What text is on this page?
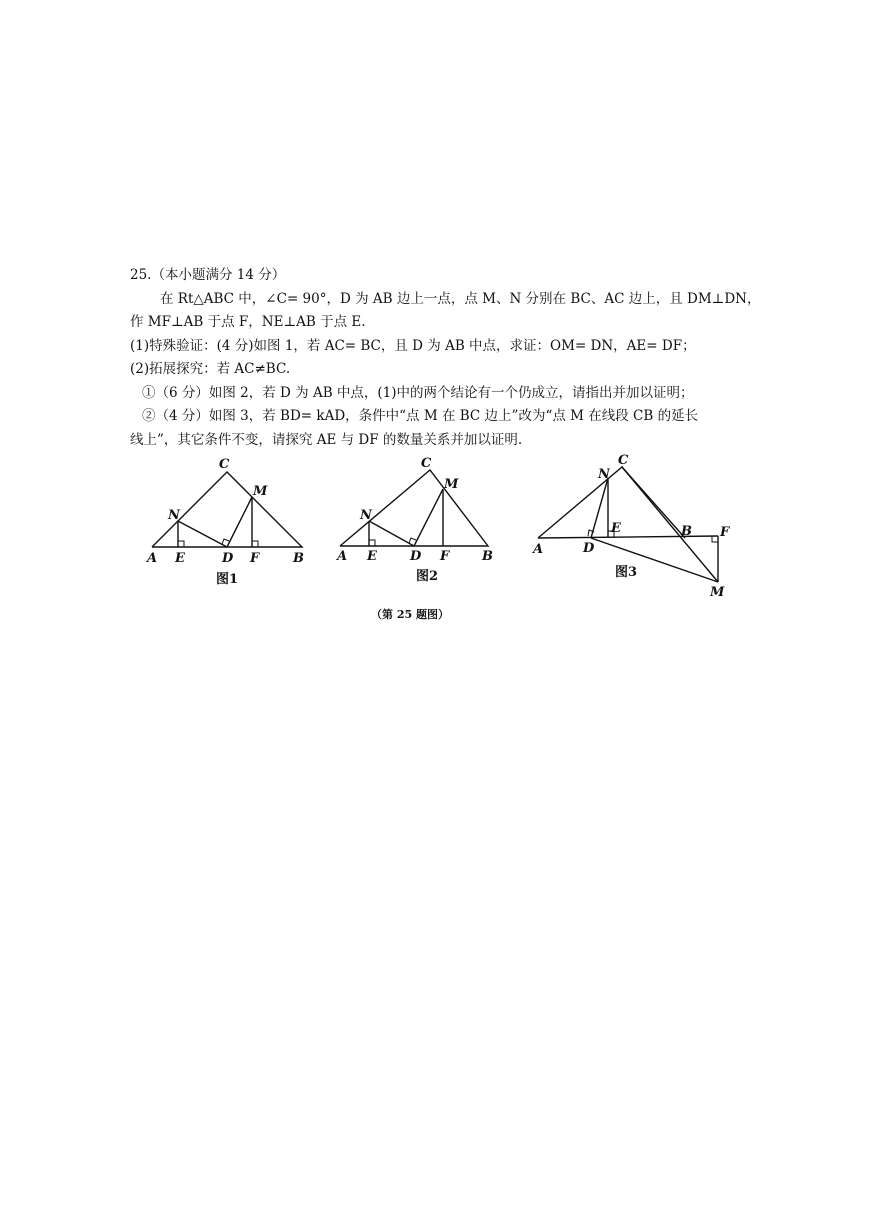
25.（本小题满分 14 分）
在 Rt△ABC 中，∠C= 90°，D 为 AB 边上一点，点 M、N 分别在 BC、AC 边上，且 DM⊥DN，
作 MF⊥AB 于点 F，NE⊥AB 于点 E.
(1)特殊验证：(4 分)如图 1，若 AC= BC，且 D 为 AB 中点，求证：OM= DN，AE= DF；
(2)拓展探究：若 AC≠BC.
①（6 分）如图 2，若 D 为 AB 中点，(1)中的两个结论有一个仍成立，请指出并加以证明；
②（4 分）如图 3，若 BD= kAD，条件中“点 M 在 BC 边上”改为“点 M 在线段 CB 的延长
线上”，其它条件不变，请探究 AE 与 DF 的数量关系并加以证明.
C
M
N
A E	D F	B
图1
C
M
N
A E	D F	B
图2
N
C
E
A	D
B F
M
图3
（第 25 题图）
